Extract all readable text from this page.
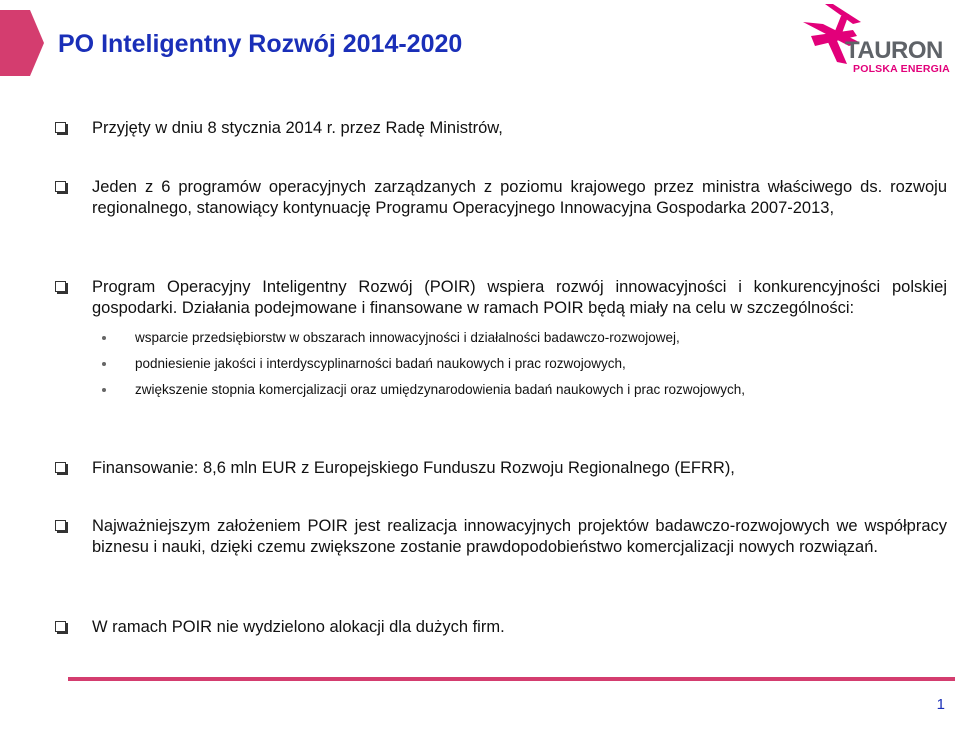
PO Inteligentny Rozwój 2014-2020	TAURON
POLSKA ENERGIA
Przyjęty w dniu 8 stycznia 2014 r. przez Radę Ministrów,
Jeden z 6 programów operacyjnych zarządzanych z poziomu krajowego przez ministra właściwego ds. rozwoju regionalnego, stanowiący kontynuację Programu Operacyjnego Innowacyjna Gospodarka 2007-2013,
Program Operacyjny Inteligentny Rozwój (POIR) wspiera rozwój innowacyjności i konkurencyjności polskiej gospodarki. Działania podejmowane i finansowane w ramach POIR będą miały na celu w szczególności:
wsparcie przedsiębiorstw w obszarach innowacyjności i działalności badawczo-rozwojowej,
podniesienie jakości i interdyscyplinarności badań naukowych i prac rozwojowych,
zwiększenie stopnia komercjalizacji oraz umiędzynarodowienia badań naukowych i prac rozwojowych,
Finansowanie: 8,6 mln EUR z Europejskiego Funduszu Rozwoju Regionalnego (EFRR),
Najważniejszym założeniem POIR jest realizacja innowacyjnych projektów badawczo-rozwojowych we współpracy biznesu i nauki, dzięki czemu zwiększone zostanie prawdopodobieństwo komercjalizacji nowych rozwiązań.
W ramach POIR nie wydzielono alokacji dla dużych firm.
1
